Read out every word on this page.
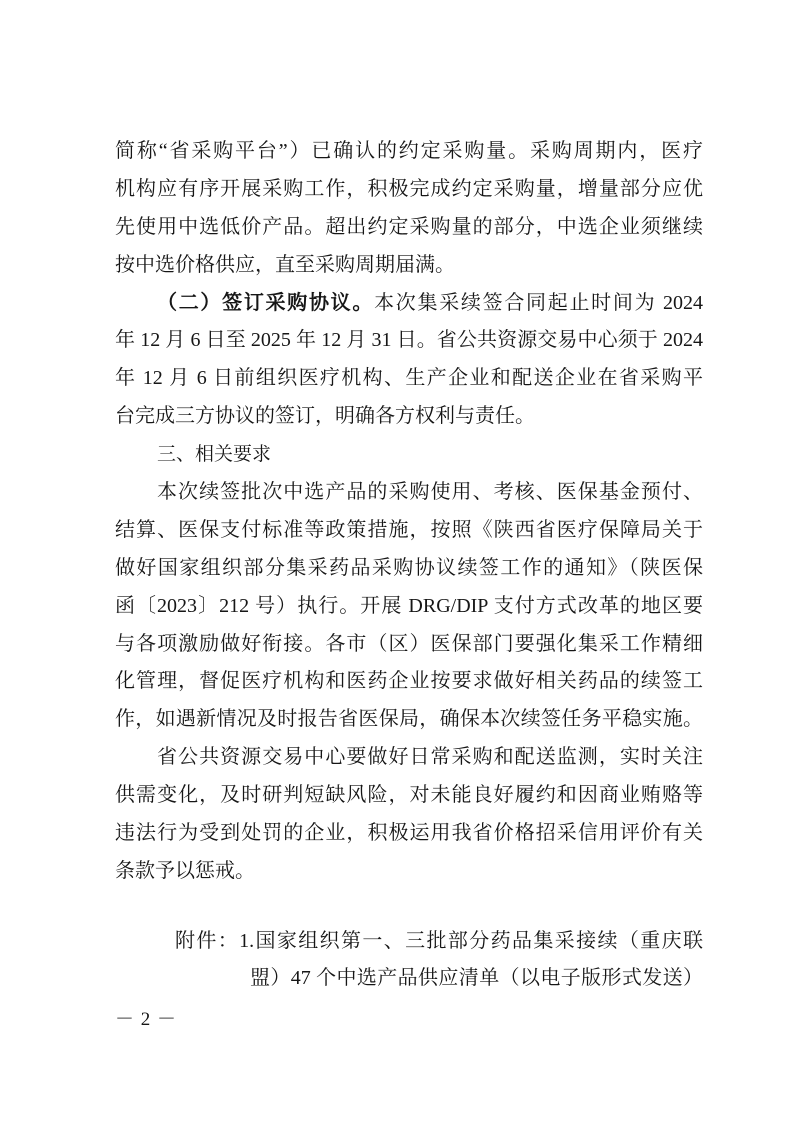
简称“省采购平台”）已确认的约定采购量。采购周期内，医疗
机构应有序开展采购工作，积极完成约定采购量，增量部分应优
先使用中选低价产品。超出约定采购量的部分，中选企业须继续
按中选价格供应，直至采购周期届满。
（二）签订采购协议。本次集采续签合同起止时间为 2024
年 12 月 6 日至 2025 年 12 月 31 日。省公共资源交易中心须于 2024
年 12 月 6 日前组织医疗机构、生产企业和配送企业在省采购平
台完成三方协议的签订，明确各方权利与责任。
三、相关要求
本次续签批次中选产品的采购使用、考核、医保基金预付、
结算、医保支付标准等政策措施，按照《陕西省医疗保障局关于
做好国家组织部分集采药品采购协议续签工作的通知》（陕医保
函〔2023〕212 号）执行。开展 DRG/DIP 支付方式改革的地区要
与各项激励做好衔接。各市（区）医保部门要强化集采工作精细
化管理，督促医疗机构和医药企业按要求做好相关药品的续签工
作，如遇新情况及时报告省医保局，确保本次续签任务平稳实施。
省公共资源交易中心要做好日常采购和配送监测，实时关注
供需变化，及时研判短缺风险，对未能良好履约和因商业贿赂等
违法行为受到处罚的企业，积极运用我省价格招采信用评价有关
条款予以惩戒。
附件：1.国家组织第一、三批部分药品集采接续（重庆联
盟）47 个中选产品供应清单（以电子版形式发送）
－ 2 －
